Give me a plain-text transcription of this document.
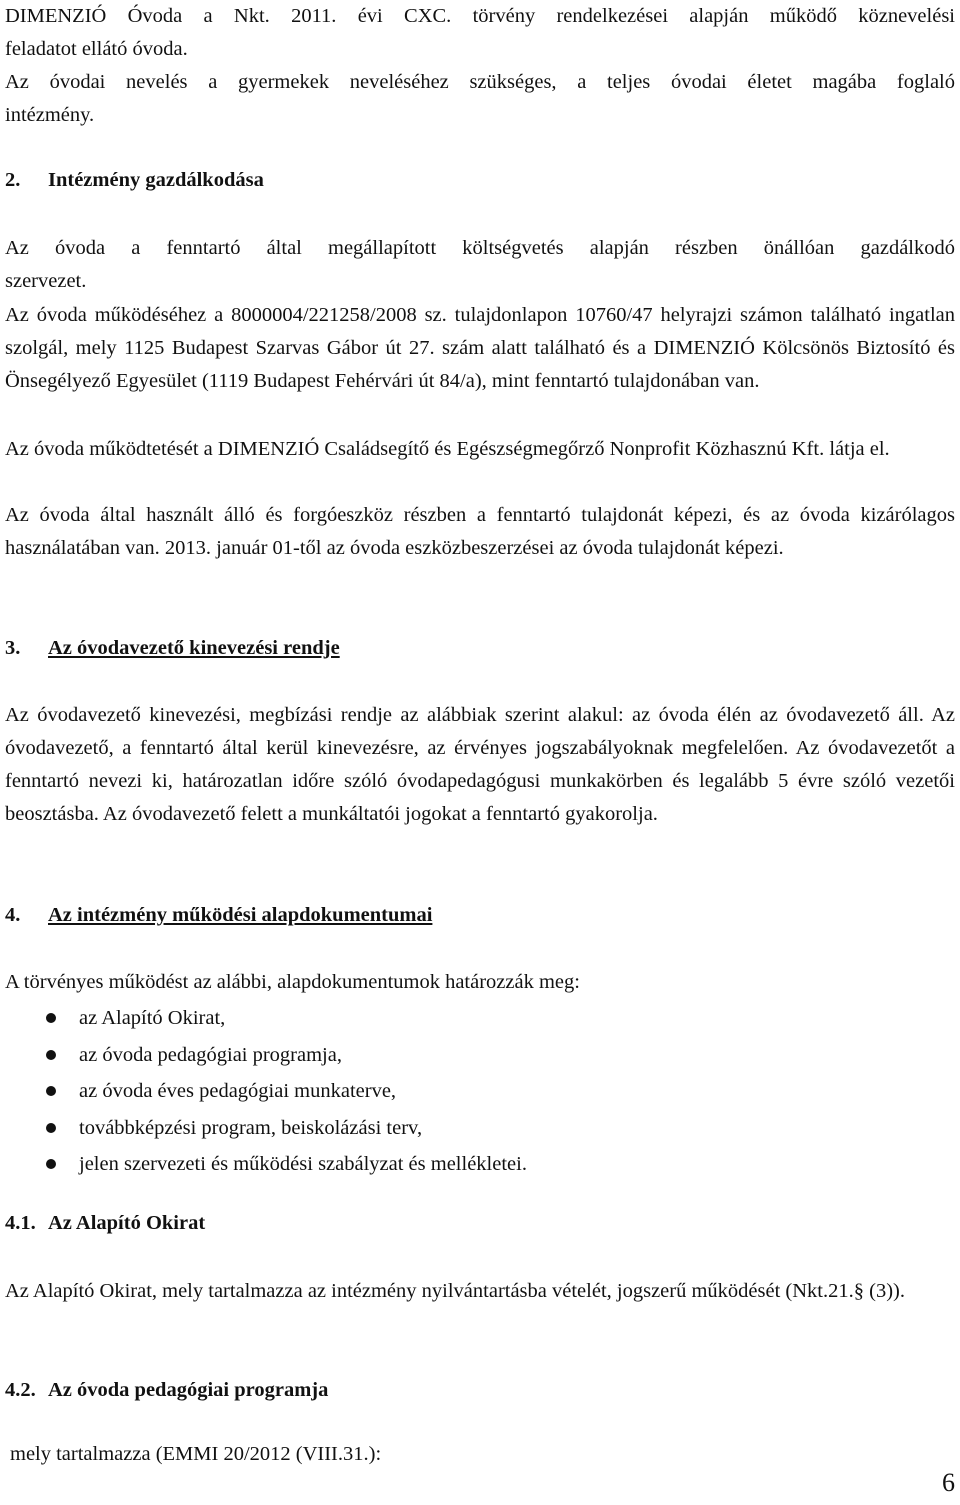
DIMENZIÓ Óvoda a Nkt. 2011. évi CXC. törvény rendelkezései alapján működő köznevelési

feladatot ellátó óvoda.

Az óvodai nevelés a gyermekek neveléséhez szükséges, a teljes óvodai életet magába foglaló

intézmény.

2. Intézmény gazdálkodása

Az óvoda a fenntartó által megállapított költségvetés alapján részben önállóan gazdálkodó

szervezet.

Az óvoda működéséhez a 8000004/221258/2008 sz. tulajdonlapon 10760/47 helyrajzi számon található ingatlan szolgál, mely 1125 Budapest Szarvas Gábor út 27. szám alatt található és a DIMENZIÓ Kölcsönös Biztosító és Önsegélyező Egyesület (1119 Budapest Fehérvári út 84/a), mint fenntartó tulajdonában van.

Az óvoda működtetését a DIMENZIÓ Családsegítő és Egészségmegőrző Nonprofit Közhasznú Kft. látja el.

Az óvoda által használt álló és forgóeszköz részben a fenntartó tulajdonát képezi, és az óvoda kizárólagos használatában van. 2013. január 01-től az óvoda eszközbeszerzései az óvoda tulajdonát képezi.

3. Az óvodavezető kinevezési rendje

Az óvodavezető kinevezési, megbízási rendje az alábbiak szerint alakul: az óvoda élén az óvodavezető áll. Az óvodavezető, a fenntartó által kerül kinevezésre, az érvényes jogszabályoknak megfelelően. Az óvodavezetőt a fenntartó nevezi ki, határozatlan időre szóló óvodapedagógusi munkakörben és legalább 5 évre szóló vezetői beosztásba. Az óvodavezető felett a munkáltatói jogokat a fenntartó gyakorolja.

4. Az intézmény működési alapdokumentumai

A törvényes működést az alábbi, alapdokumentumok határozzák meg:

az Alapító Okirat,
az óvoda pedagógiai programja,
az óvoda éves pedagógiai munkaterve,
továbbképzési program, beiskolázási terv,
jelen szervezeti és működési szabályzat és mellékletei.
4.1. Az Alapító Okirat

Az Alapító Okirat, mely tartalmazza az intézmény nyilvántartásba vételét, jogszerű működését (Nkt.21.§ (3)).

4.2. Az óvoda pedagógiai programja

mely tartalmazza (EMMI 20/2012 (VIII.31.):

6
